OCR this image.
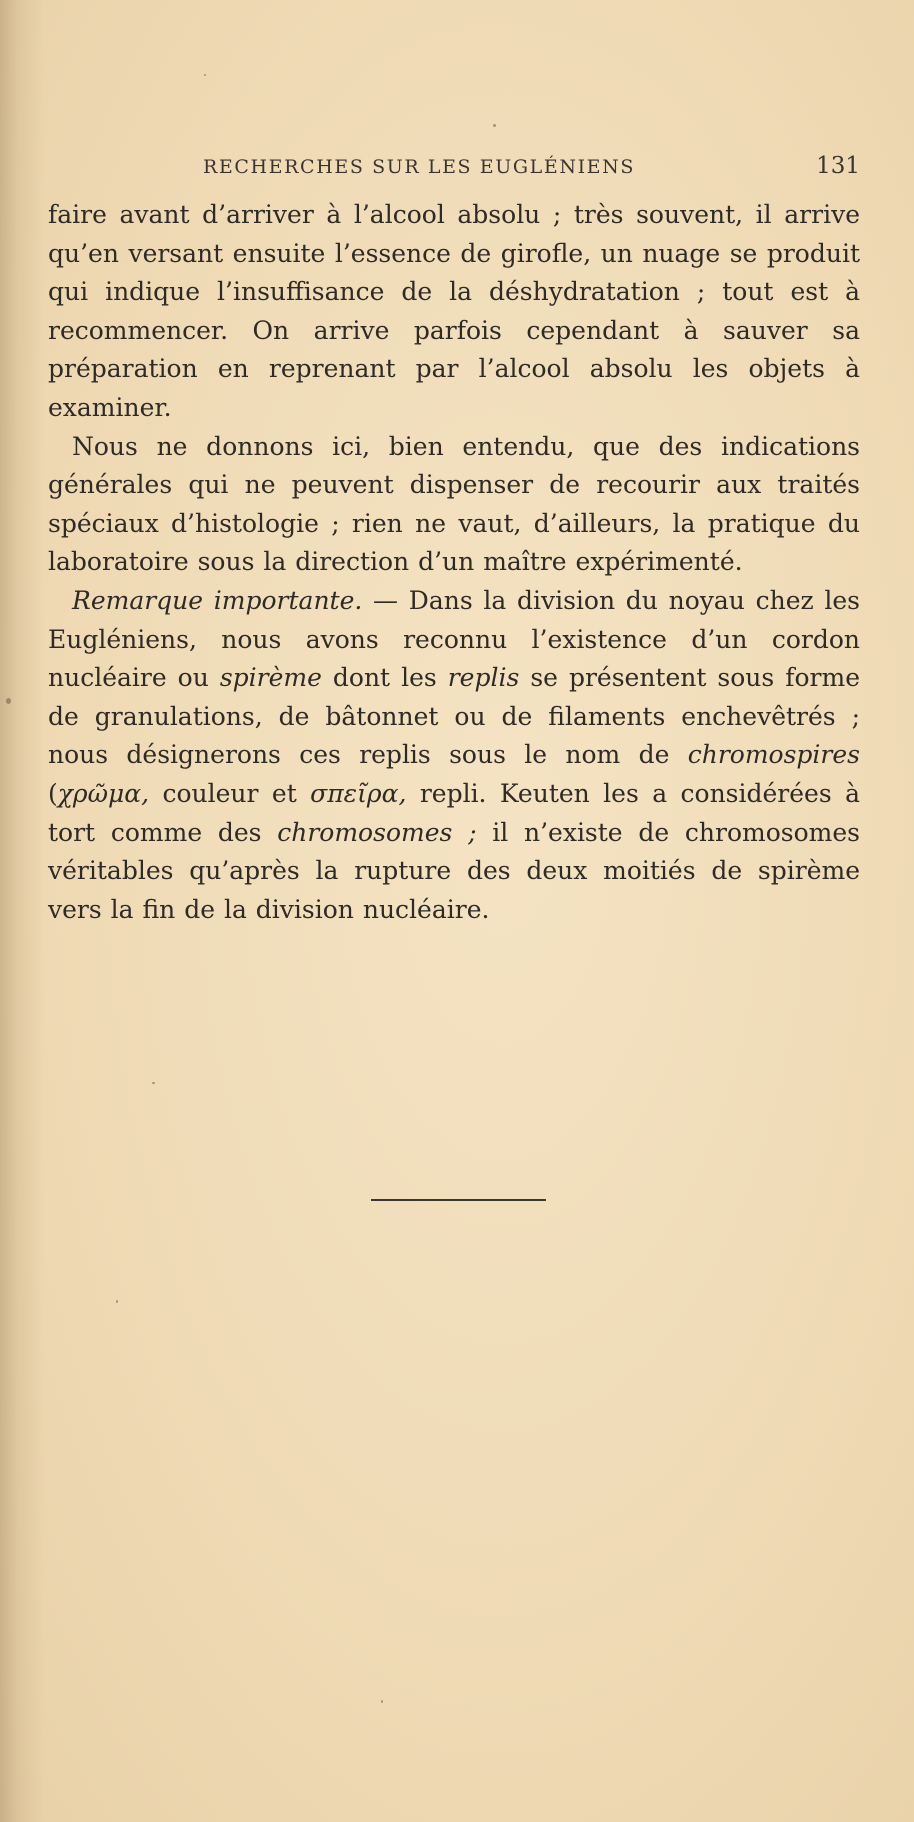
RECHERCHES SUR LES EUGLÉNIENS	131

faire avant d’arriver à l’alcool absolu ; très souvent, il arrive qu’en versant ensuite l’essence de girofle, un nuage se produit qui indique l’insuffisance de la déshydratation ; tout est à recommencer. On arrive parfois cependant à sauver sa préparation en reprenant par l’alcool absolu les objets à examiner.

Nous ne donnons ici, bien entendu, que des indications générales qui ne peuvent dispenser de recourir aux traités spéciaux d’histologie ; rien ne vaut, d’ailleurs, la pratique du laboratoire sous la direction d’un maître expérimenté.

Remarque importante. — Dans la division du noyau chez les Eugléniens, nous avons reconnu l’existence d’un cordon nucléaire ou spirème dont les replis se présentent sous forme de granulations, de bâtonnet ou de filaments enchevêtrés ; nous désignerons ces replis sous le nom de chromospires (χρῶμα, couleur et σπεῖρα, repli. Keuten les a considérées à tort comme des chromosomes ; il n’existe de chromosomes véritables qu’après la rupture des deux moitiés de spirème vers la fin de la division nucléaire.
